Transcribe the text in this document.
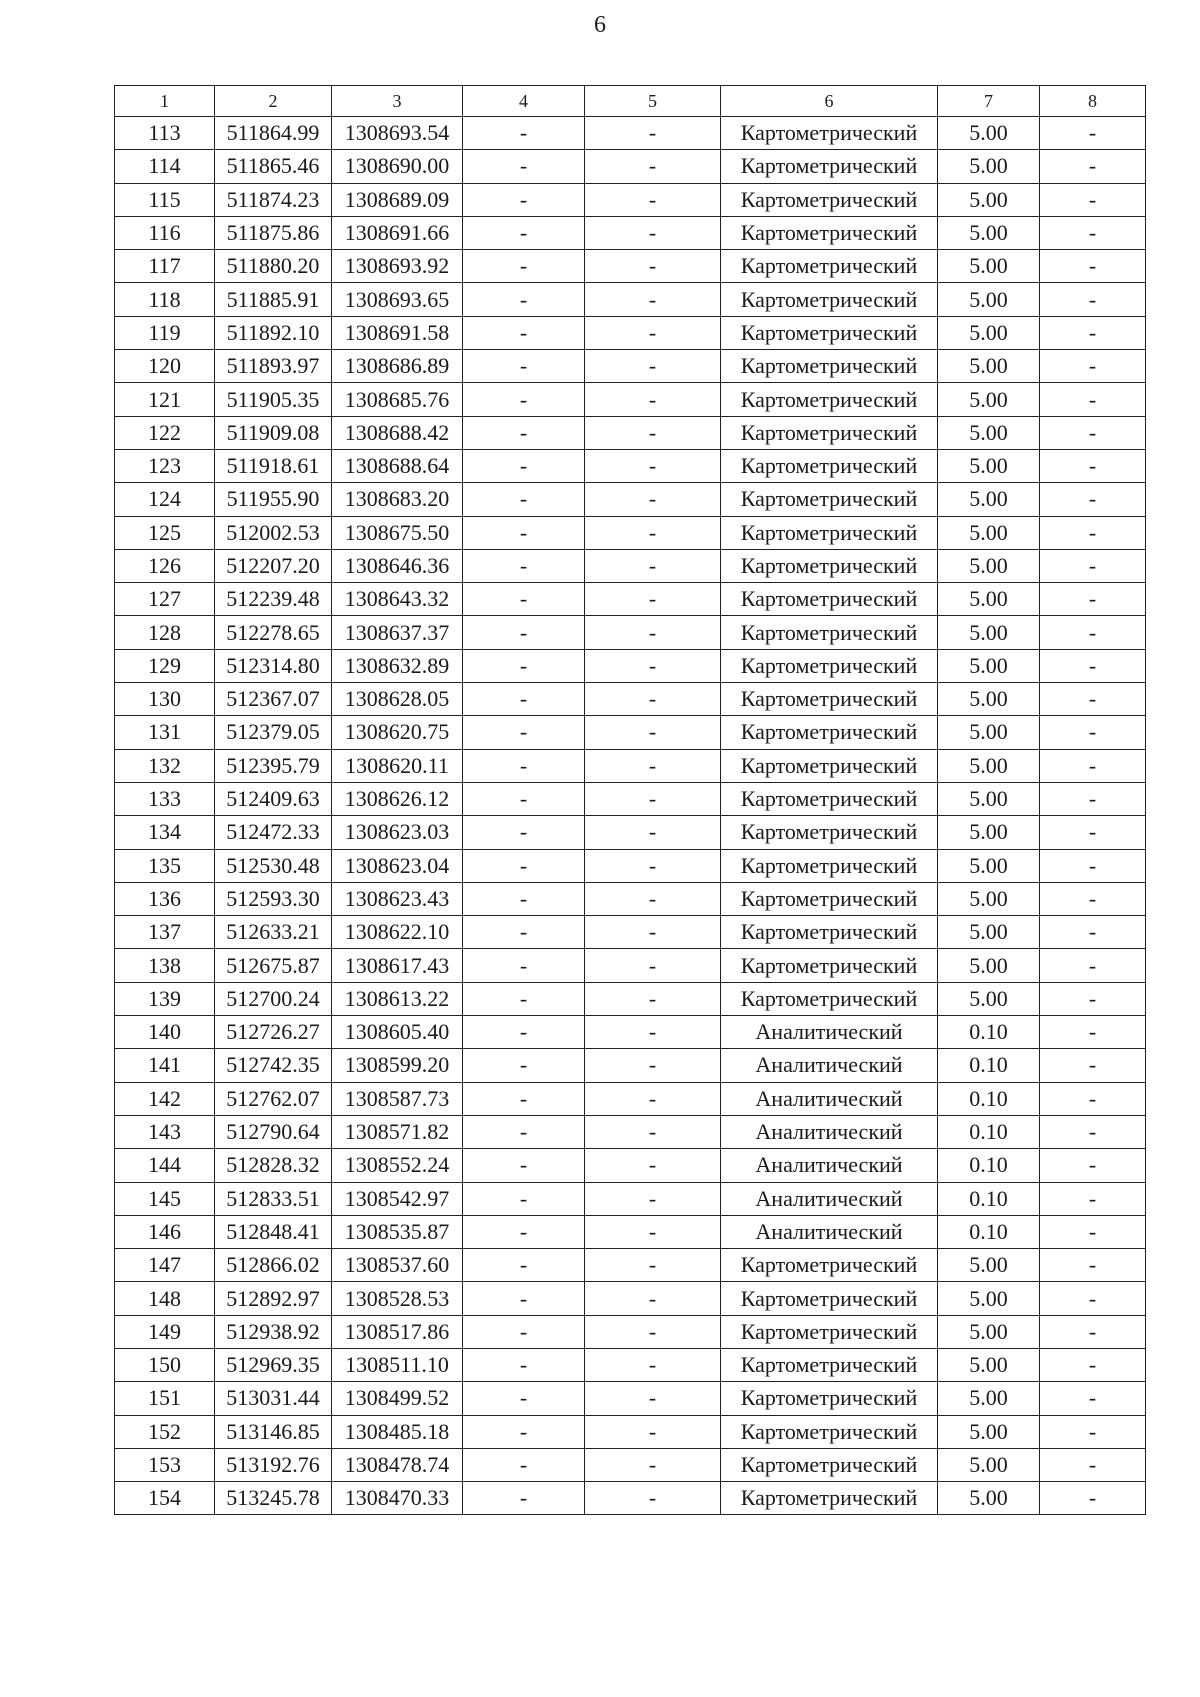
6
1	2	3	4	5	6	7	8
113	511864.99	1308693.54	-	-	Картометрический	5.00	-
114	511865.46	1308690.00	-	-	Картометрический	5.00	-
115	511874.23	1308689.09	-	-	Картометрический	5.00	-
116	511875.86	1308691.66	-	-	Картометрический	5.00	-
117	511880.20	1308693.92	-	-	Картометрический	5.00	-
118	511885.91	1308693.65	-	-	Картометрический	5.00	-
119	511892.10	1308691.58	-	-	Картометрический	5.00	-
120	511893.97	1308686.89	-	-	Картометрический	5.00	-
121	511905.35	1308685.76	-	-	Картометрический	5.00	-
122	511909.08	1308688.42	-	-	Картометрический	5.00	-
123	511918.61	1308688.64	-	-	Картометрический	5.00	-
124	511955.90	1308683.20	-	-	Картометрический	5.00	-
125	512002.53	1308675.50	-	-	Картометрический	5.00	-
126	512207.20	1308646.36	-	-	Картометрический	5.00	-
127	512239.48	1308643.32	-	-	Картометрический	5.00	-
128	512278.65	1308637.37	-	-	Картометрический	5.00	-
129	512314.80	1308632.89	-	-	Картометрический	5.00	-
130	512367.07	1308628.05	-	-	Картометрический	5.00	-
131	512379.05	1308620.75	-	-	Картометрический	5.00	-
132	512395.79	1308620.11	-	-	Картометрический	5.00	-
133	512409.63	1308626.12	-	-	Картометрический	5.00	-
134	512472.33	1308623.03	-	-	Картометрический	5.00	-
135	512530.48	1308623.04	-	-	Картометрический	5.00	-
136	512593.30	1308623.43	-	-	Картометрический	5.00	-
137	512633.21	1308622.10	-	-	Картометрический	5.00	-
138	512675.87	1308617.43	-	-	Картометрический	5.00	-
139	512700.24	1308613.22	-	-	Картометрический	5.00	-
140	512726.27	1308605.40	-	-	Аналитический	0.10	-
141	512742.35	1308599.20	-	-	Аналитический	0.10	-
142	512762.07	1308587.73	-	-	Аналитический	0.10	-
143	512790.64	1308571.82	-	-	Аналитический	0.10	-
144	512828.32	1308552.24	-	-	Аналитический	0.10	-
145	512833.51	1308542.97	-	-	Аналитический	0.10	-
146	512848.41	1308535.87	-	-	Аналитический	0.10	-
147	512866.02	1308537.60	-	-	Картометрический	5.00	-
148	512892.97	1308528.53	-	-	Картометрический	5.00	-
149	512938.92	1308517.86	-	-	Картометрический	5.00	-
150	512969.35	1308511.10	-	-	Картометрический	5.00	-
151	513031.44	1308499.52	-	-	Картометрический	5.00	-
152	513146.85	1308485.18	-	-	Картометрический	5.00	-
153	513192.76	1308478.74	-	-	Картометрический	5.00	-
154	513245.78	1308470.33	-	-	Картометрический	5.00	-
